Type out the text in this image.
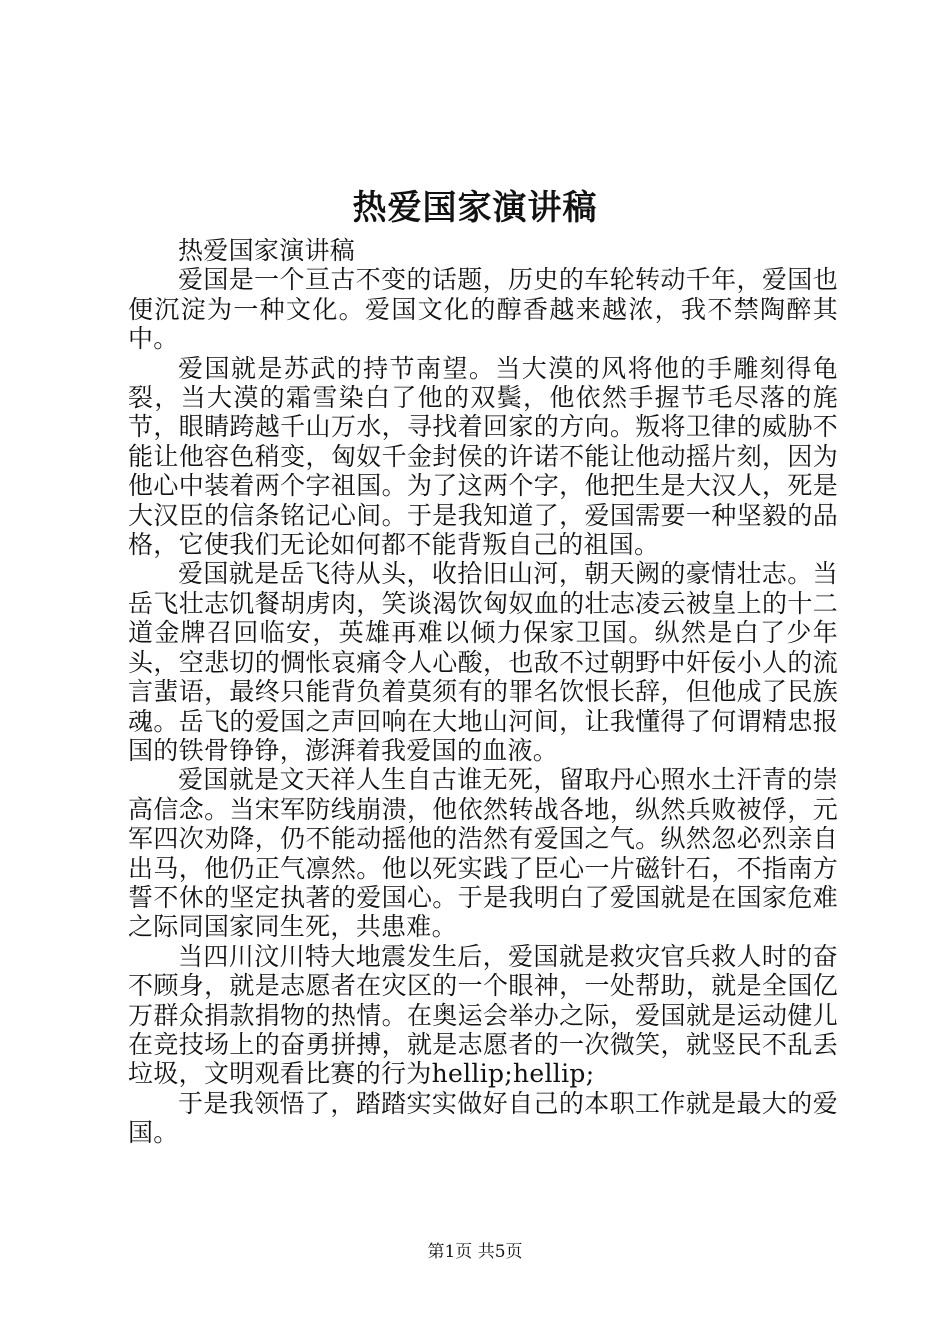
热爱国家演讲稿

热爱国家演讲稿

爱国是一个亘古不变的话题，历史的车轮转动千年，爱国也便沉淀为一种文化。爱国文化的醇香越来越浓，我不禁陶醉其中。

爱国就是苏武的持节南望。当大漠的风将他的手雕刻得龟裂，当大漠的霜雪染白了他的双鬓，他依然手握节毛尽落的旄节，眼睛跨越千山万水，寻找着回家的方向。叛将卫律的威胁不能让他容色稍变，匈奴千金封侯的许诺不能让他动摇片刻，因为他心中装着两个字祖国。为了这两个字，他把生是大汉人，死是大汉臣的信条铭记心间。于是我知道了，爱国需要一种坚毅的品格，它使我们无论如何都不能背叛自己的祖国。

爱国就是岳飞待从头，收拾旧山河，朝天阙的豪情壮志。当岳飞壮志饥餐胡虏肉，笑谈渴饮匈奴血的壮志凌云被皇上的十二道金牌召回临安，英雄再难以倾力保家卫国。纵然是白了少年头，空悲切的惆怅哀痛令人心酸，也敌不过朝野中奸佞小人的流言蜚语，最终只能背负着莫须有的罪名饮恨长辞，但他成了民族魂。岳飞的爱国之声回响在大地山河间，让我懂得了何谓精忠报国的铁骨铮铮，澎湃着我爱国的血液。

爱国就是文天祥人生自古谁无死，留取丹心照水土汗青的崇高信念。当宋军防线崩溃，他依然转战各地，纵然兵败被俘，元军四次劝降，仍不能动摇他的浩然有爱国之气。纵然忽必烈亲自出马，他仍正气凛然。他以死实践了臣心一片磁针石，不指南方誓不休的坚定执著的爱国心。于是我明白了爱国就是在国家危难之际同国家同生死，共患难。

当四川汶川特大地震发生后，爱国就是救灾官兵救人时的奋不顾身，就是志愿者在灾区的一个眼神，一处帮助，就是全国亿万群众捐款捐物的热情。在奥运会举办之际，爱国就是运动健儿在竞技场上的奋勇拼搏，就是志愿者的一次微笑，就竖民不乱丢垃圾，文明观看比赛的行为hellip;hellip;

于是我领悟了，踏踏实实做好自己的本职工作就是最大的爱国。

第1页 共5页
